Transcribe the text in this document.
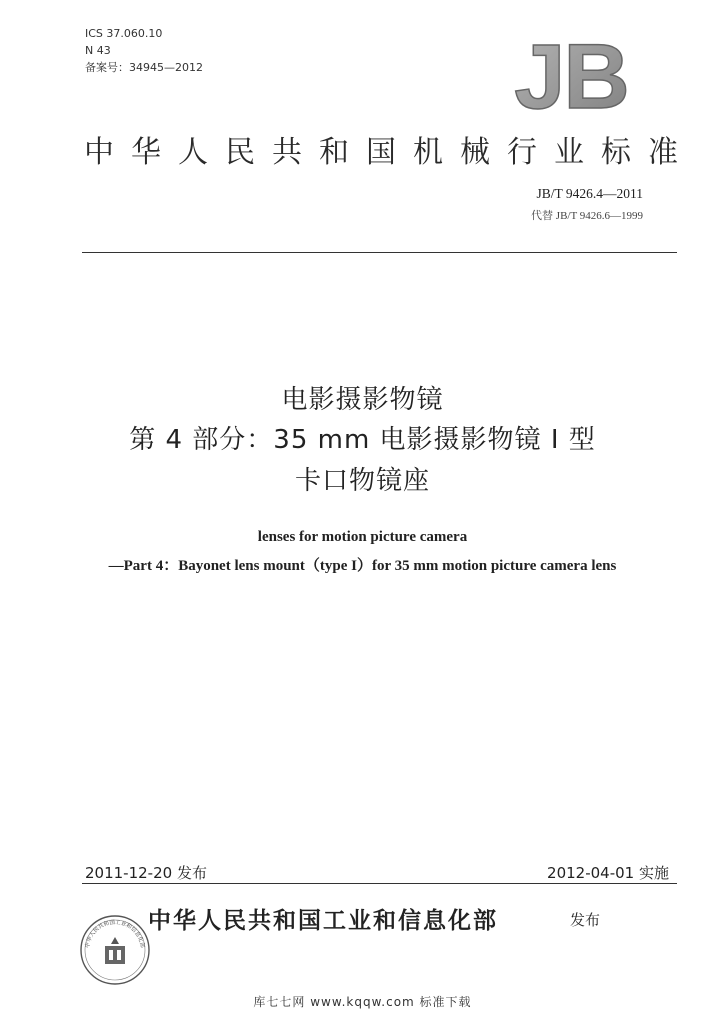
ICS 37.060.10
N 43
备案号：34945—2012	JB
中华人民共和国机械行业标准
JB/T 9426.4—2011
代替 JB/T 9426.6—1999
电影摄影物镜
第 4 部分：35 mm 电影摄影物镜 I 型
卡口物镜座
lenses for motion picture camera
—Part 4：Bayonet lens mount（type I）for 35 mm motion picture camera lens
2011-12-20 发布	2012-04-01 实施
中华人民共和国工业和信息化部
中华人民共和国工业和信息化部	发布
库七七网 www.kqqw.com 标准下载
